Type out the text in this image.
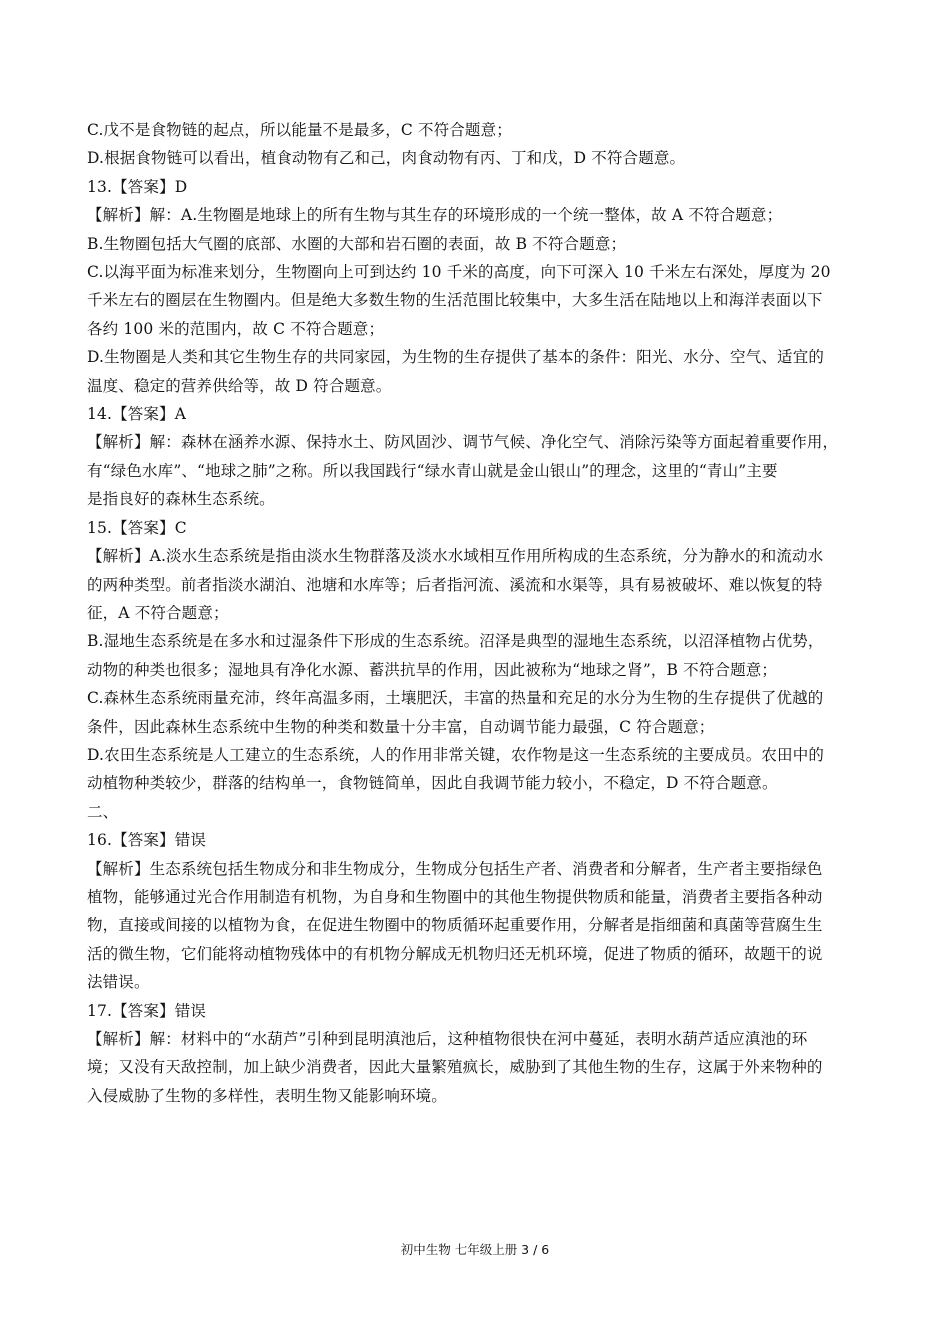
C.戊不是食物链的起点，所以能量不是最多，C 不符合题意；
D.根据食物链可以看出，植食动物有乙和己，肉食动物有丙、丁和戊，D 不符合题意。
13.【答案】D
【解析】解：A.生物圈是地球上的所有生物与其生存的环境形成的一个统一整体，故 A 不符合题意；
B.生物圈包括大气圈的底部、水圈的大部和岩石圈的表面，故 B 不符合题意；
C.以海平面为标准来划分，生物圈向上可到达约 10 千米的高度，向下可深入 10 千米左右深处，厚度为 20
千米左右的圈层在生物圈内。但是绝大多数生物的生活范围比较集中，大多生活在陆地以上和海洋表面以下
各约 100 米的范围内，故 C 不符合题意；
D.生物圈是人类和其它生物生存的共同家园，为生物的生存提供了基本的条件：阳光、水分、空气、适宜的
温度、稳定的营养供给等，故 D 符合题意。
14.【答案】A
【解析】解：森林在涵养水源、保持水土、防风固沙、调节气候、净化空气、消除污染等方面起着重要作用，
有“绿色水库”、“地球之肺”之称。所以我国践行“绿水青山就是金山银山”的理念，这里的“青山”主要
是指良好的森林生态系统。
15.【答案】C
【解析】A.淡水生态系统是指由淡水生物群落及淡水水域相互作用所构成的生态系统，分为静水的和流动水
的两种类型。前者指淡水湖泊、池塘和水库等；后者指河流、溪流和水渠等，具有易被破坏、难以恢复的特
征，A 不符合题意；
B.湿地生态系统是在多水和过湿条件下形成的生态系统。沼泽是典型的湿地生态系统，以沼泽植物占优势，
动物的种类也很多；湿地具有净化水源、蓄洪抗旱的作用，因此被称为“地球之肾”，B 不符合题意；
C.森林生态系统雨量充沛，终年高温多雨，土壤肥沃，丰富的热量和充足的水分为生物的生存提供了优越的
条件，因此森林生态系统中生物的种类和数量十分丰富，自动调节能力最强，C 符合题意；
D.农田生态系统是人工建立的生态系统，人的作用非常关键，农作物是这一生态系统的主要成员。农田中的
动植物种类较少，群落的结构单一，食物链简单，因此自我调节能力较小，不稳定，D 不符合题意。
二、
16.【答案】错误
【解析】生态系统包括生物成分和非生物成分，生物成分包括生产者、消费者和分解者，生产者主要指绿色
植物，能够通过光合作用制造有机物，为自身和生物圈中的其他生物提供物质和能量，消费者主要指各种动
物，直接或间接的以植物为食，在促进生物圈中的物质循环起重要作用，分解者是指细菌和真菌等营腐生生
活的微生物，它们能将动植物残体中的有机物分解成无机物归还无机环境，促进了物质的循环，故题干的说
法错误。
17.【答案】错误
【解析】解：材料中的“水葫芦”引种到昆明滇池后，这种植物很快在河中蔓延，表明水葫芦适应滇池的环
境；又没有天敌控制，加上缺少消费者，因此大量繁殖疯长，威胁到了其他生物的生存，这属于外来物种的
入侵威胁了生物的多样性，表明生物又能影响环境。
初中生物 七年级上册 3 / 6
